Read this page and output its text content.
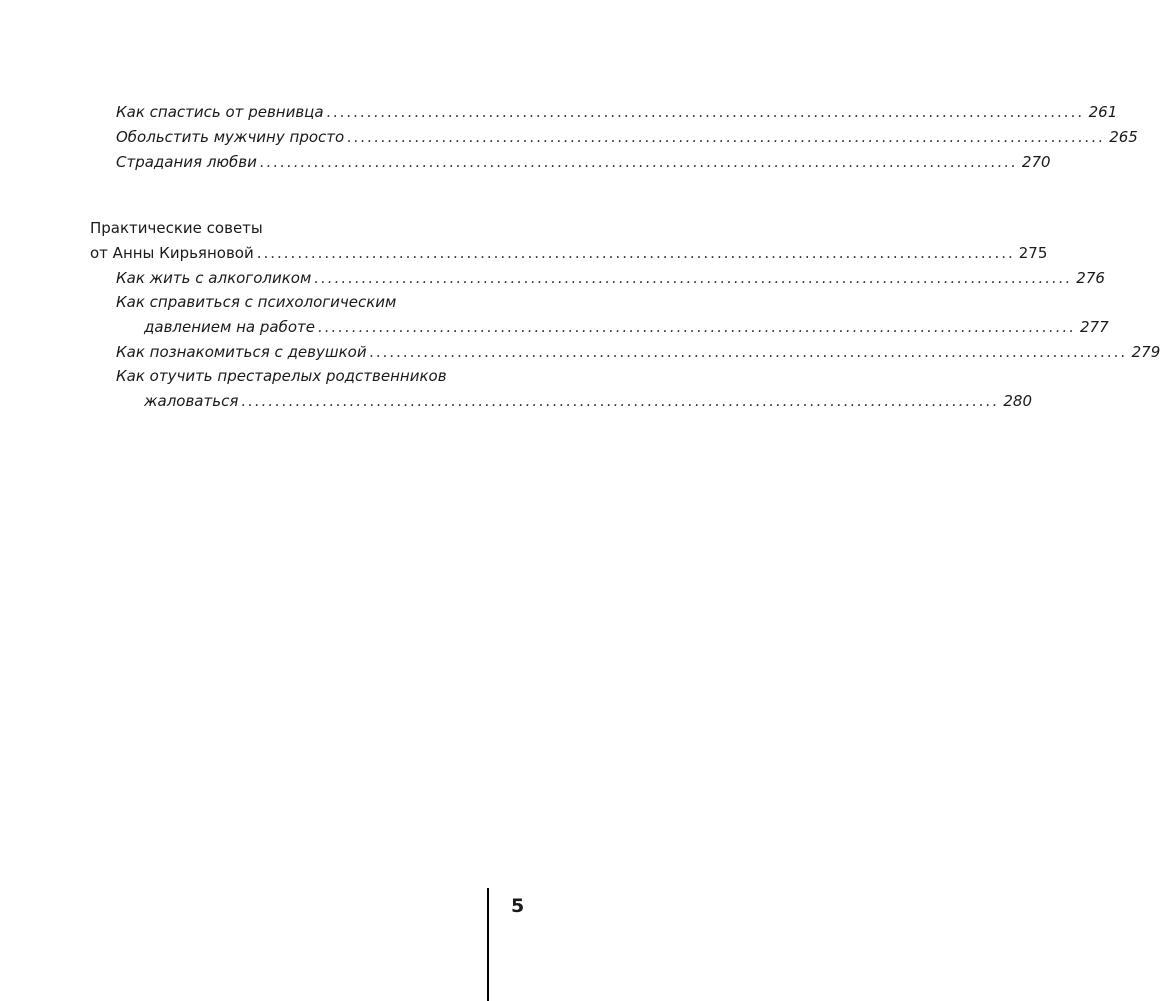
Как спастись от ревнивца ................................................................................................................ 261
Обольстить мужчину просто ................................................................................................................ 265
Страдания любви ................................................................................................................ 270
Практические советы
от Анны Кирьяновой ................................................................................................................ 275
Как жить с алкоголиком ................................................................................................................ 276
Как справиться с психологическим
давлением на работе ................................................................................................................ 277
Как познакомиться с девушкой ................................................................................................................ 279
Как отучить престарелых родственников
жаловаться ................................................................................................................ 280
5
